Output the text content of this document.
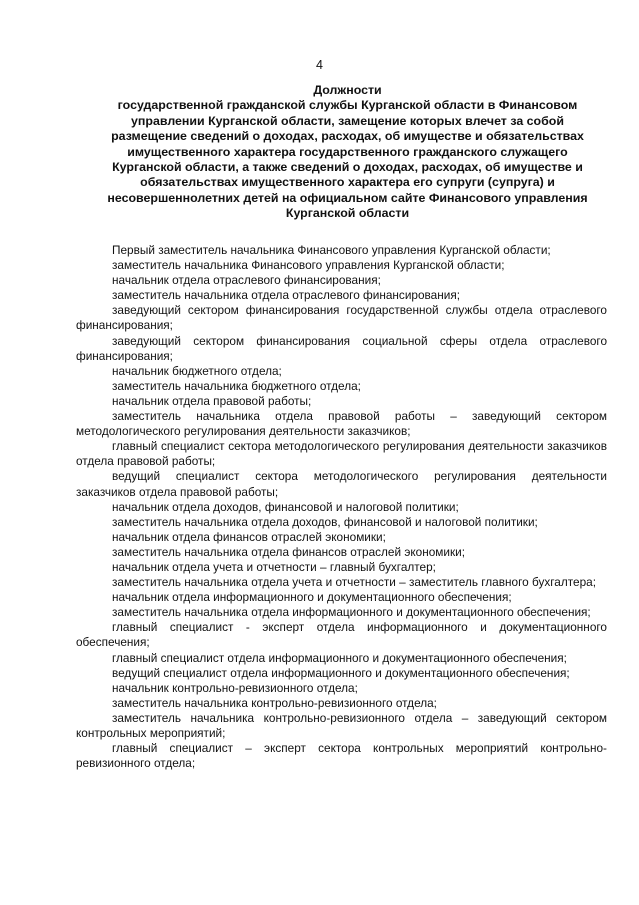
4
Должности
государственной гражданской службы Курганской области в Финансовом
управлении Курганской области, замещение которых влечет за собой
размещение сведений о доходах, расходах, об имуществе и обязательствах
имущественного характера государственного гражданского служащего
Курганской области, а также сведений о доходах, расходах, об имуществе и
обязательствах имущественного характера его супруги (супруга) и
несовершеннолетних детей на официальном сайте Финансового управления
Курганской области

Первый заместитель начальника Финансового управления Курганской области;

заместитель начальника Финансового управления Курганской области;

начальник отдела отраслевого финансирования;

заместитель начальника отдела отраслевого финансирования;

заведующий сектором финансирования государственной службы отдела отраслевого финансирования;

заведующий сектором финансирования социальной сферы отдела отраслевого финансирования;

начальник бюджетного отдела;

заместитель начальника бюджетного отдела;

начальник отдела правовой работы;

заместитель начальника отдела правовой работы – заведующий сектором методологического регулирования деятельности заказчиков;

главный специалист сектора методологического регулирования деятельности заказчиков отдела правовой работы;

ведущий специалист сектора методологического регулирования деятельности заказчиков отдела правовой работы;

начальник отдела доходов, финансовой и налоговой политики;

заместитель начальника отдела доходов, финансовой и налоговой политики;

начальник отдела финансов отраслей экономики;

заместитель начальника отдела финансов отраслей экономики;

начальник отдела учета и отчетности – главный бухгалтер;

заместитель начальника отдела учета и отчетности – заместитель главного бухгалтера;

начальник отдела информационного и документационного обеспечения;

заместитель начальника отдела информационного и документационного обеспечения;

главный специалист - эксперт отдела информационного и документационного обеспечения;

главный специалист отдела информационного и документационного обеспечения;

ведущий специалист отдела информационного и документационного обеспечения;

начальник контрольно-ревизионного отдела;

заместитель начальника контрольно-ревизионного отдела;

заместитель начальника контрольно-ревизионного отдела – заведующий сектором контрольных мероприятий;

главный специалист – эксперт сектора контрольных мероприятий контрольно-ревизионного отдела;
